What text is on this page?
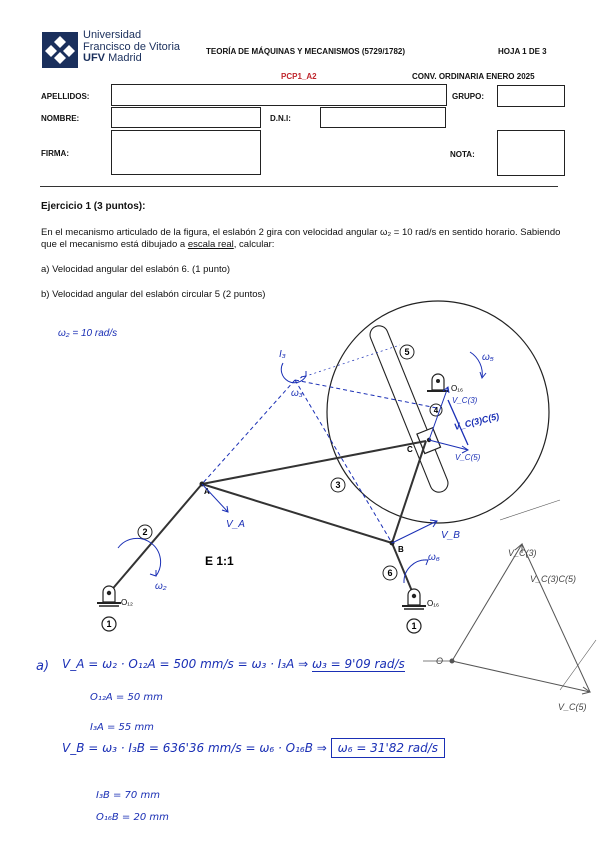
Universidad
Francisco de Vitoria
UFV Madrid
TEORÍA DE MÁQUINAS Y MECANISMOS (5729/1782)	HOJA 1 DE 3
PCP1_A2	CONV. ORDINARIA ENERO 2025
APELLIDOS:	GRUPO:
NOMBRE:	D.N.I:
FIRMA:	NOTA:
Ejercicio 1 (3 puntos):
En el mecanismo articulado de la figura, el eslabón 2 gira con velocidad angular ω₂ = 10 rad/s en sentido horario. Sabiendo que el mecanismo está dibujado a escala real, calcular:
a) Velocidad angular del eslabón 6. (1 punto)
b) Velocidad angular del eslabón circular 5 (2 puntos)
2
3
5
6
1	1
4
A
B
C
E 1:1
O₁₂	O₁₆
O₁₆
ω₂ = 10 rad/s
I₃
ω₃
ω₅
V_A
V_B
ω₆
ω₂
V_C(3)
V_C(3)C(5)
V_C(5)
O
V_C(3)
V_C(3)C(5)
V_C(5)
a) V_A = ω₂ · O₁₂A = 500 mm/s = ω₃ · I₃A ⇒ ω₃ = 9'09 rad/s
O₁₂A = 50 mm
I₃A = 55 mm
V_B = ω₃ · I₃B = 636'36 mm/s = ω₆ · O₁₆B ⇒ ω₆ = 31'82 rad/s
I₃B = 70 mm
O₁₆B = 20 mm
